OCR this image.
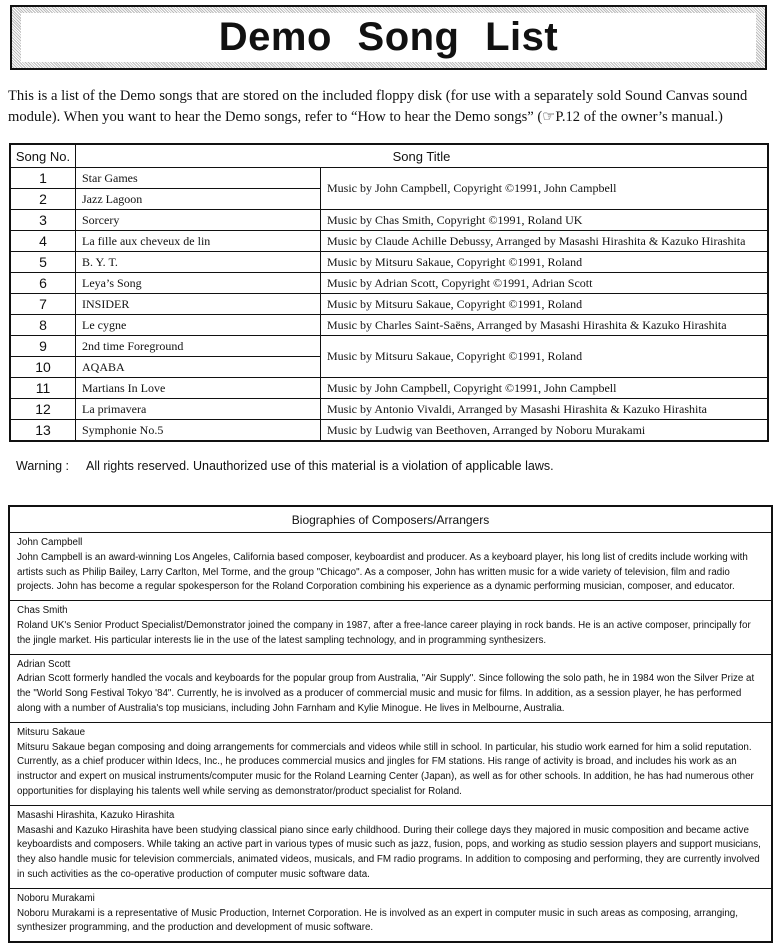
Demo Song List

This is a list of the Demo songs that are stored on the included floppy disk (for use with a separately sold Sound Canvas sound module). When you want to hear the Demo songs, refer to “How to hear the Demo songs” (☞P.12 of the owner’s manual.)

Song No.	Song Title	
1	Star Games	Music by John Campbell, Copyright ©1991, John Campbell
2	Jazz Lagoon	
3	Sorcery	Music by Chas Smith, Copyright ©1991, Roland UK
4	La fille aux cheveux de lin	Music by Claude Achille Debussy, Arranged by Masashi Hirashita & Kazuko Hirashita
5	B. Y. T.	Music by Mitsuru Sakaue, Copyright ©1991, Roland
6	Leya’s Song	Music by Adrian Scott, Copyright ©1991, Adrian Scott
7	INSIDER	Music by Mitsuru Sakaue, Copyright ©1991, Roland
8	Le cygne	Music by Charles Saint-Saëns, Arranged by Masashi Hirashita & Kazuko Hirashita
9	2nd time Foreground	Music by Mitsuru Sakaue, Copyright ©1991, Roland
10	AQABA	
11	Martians In Love	Music by John Campbell, Copyright ©1991, John Campbell
12	La primavera	Music by Antonio Vivaldi, Arranged by Masashi Hirashita & Kazuko Hirashita
13	Symphonie No.5	Music by Ludwig van Beethoven, Arranged by Noboru Murakami

Warning : All rights reserved. Unauthorized use of this material is a violation of applicable laws.

Biographies of Composers/Arrangers
John Campbell
John Campbell is an award-winning Los Angeles, California based composer, keyboardist and producer. As a keyboard player, his long list of credits include working with artists such as Philip Bailey, Larry Carlton, Mel Torme, and the group "Chicago". As a composer, John has written music for a wide variety of television, film and radio projects. John has become a regular spokesperson for the Roland Corporation combining his experience as a dynamic performing musician, composer, and educator.
Chas Smith
Roland UK's Senior Product Specialist/Demonstrator joined the company in 1987, after a free-lance career playing in rock bands. He is an active composer, principally for the jingle market. His particular interests lie in the use of the latest sampling technology, and in programming synthesizers.
Adrian Scott
Adrian Scott formerly handled the vocals and keyboards for the popular group from Australia, "Air Supply". Since following the solo path, he in 1984 won the Silver Prize at the "World Song Festival Tokyo '84". Currently, he is involved as a producer of commercial music and music for films. In addition, as a session player, he has performed along with a number of Australia's top musicians, including John Farnham and Kylie Minogue. He lives in Melbourne, Australia.
Mitsuru Sakaue
Mitsuru Sakaue began composing and doing arrangements for commercials and videos while still in school. In particular, his studio work earned for him a solid reputation. Currently, as a chief producer within Idecs, Inc., he produces commercial musics and jingles for FM stations. His range of activity is broad, and includes his work as an instructor and expert on musical instruments/computer music for the Roland Learning Center (Japan), as well as for other schools. In addition, he has had numerous other opportunities for displaying his talents well while serving as demonstrator/product specialist for Roland.
Masashi Hirashita, Kazuko Hirashita
Masashi and Kazuko Hirashita have been studying classical piano since early childhood. During their college days they majored in music composition and became active keyboardists and composers. While taking an active part in various types of music such as jazz, fusion, pops, and working as studio session players and support musicians, they also handle music for television commercials, animated videos, musicals, and FM radio programs. In addition to composing and performing, they are currently involved in such activities as the co-operative production of computer music software data.
Noboru Murakami
Noboru Murakami is a representative of Music Production, Internet Corporation. He is involved as an expert in computer music in such areas as composing, arranging, synthesizer programming, and the production and development of music software.
